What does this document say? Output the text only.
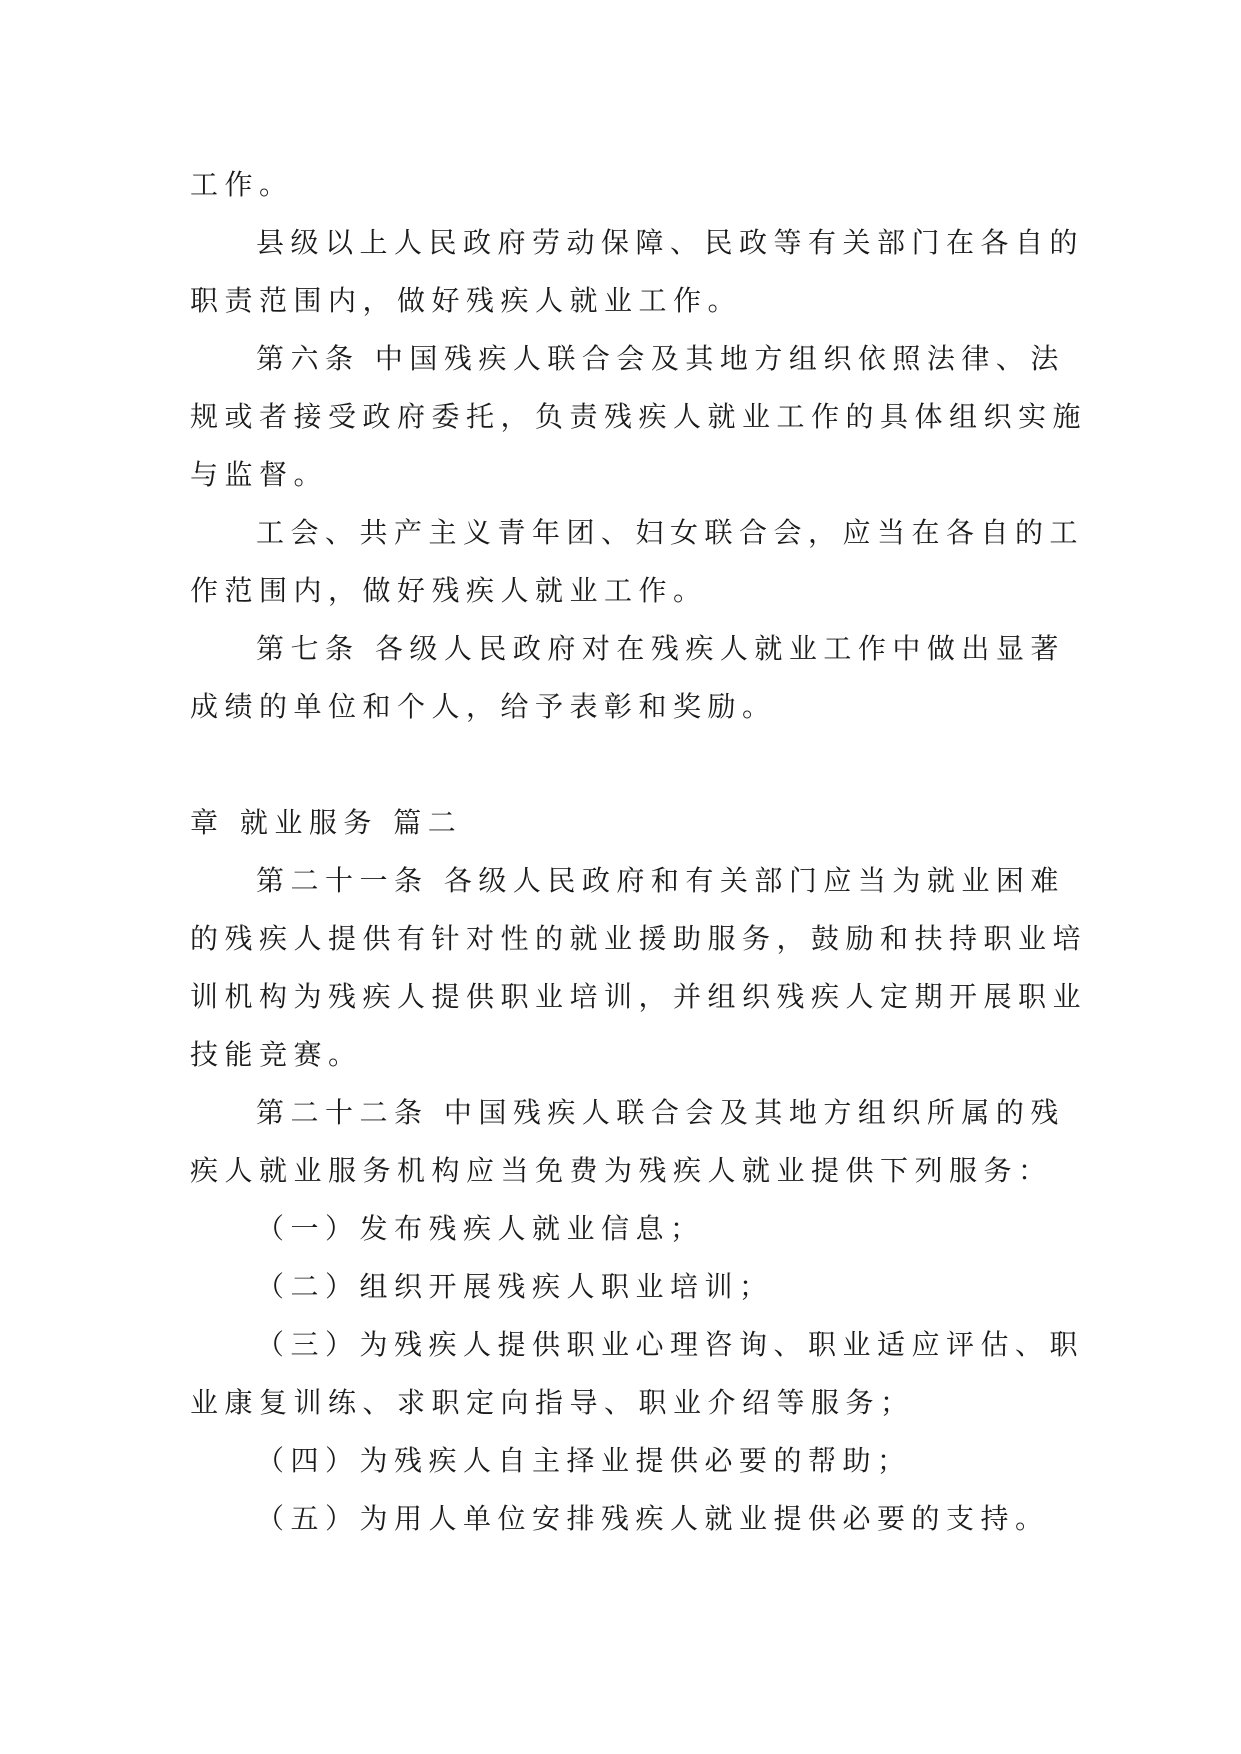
工作。

县级以上人民政府劳动保障、民政等有关部门在各自的
职责范围内，做好残疾人就业工作。

第六条 中国残疾人联合会及其地方组织依照法律、法
规或者接受政府委托，负责残疾人就业工作的具体组织实施
与监督。

工会、共产主义青年团、妇女联合会，应当在各自的工
作范围内，做好残疾人就业工作。

第七条 各级人民政府对在残疾人就业工作中做出显著
成绩的单位和个人，给予表彰和奖励。

章 就业服务 篇二

第二十一条 各级人民政府和有关部门应当为就业困难
的残疾人提供有针对性的就业援助服务，鼓励和扶持职业培
训机构为残疾人提供职业培训，并组织残疾人定期开展职业
技能竞赛。

第二十二条 中国残疾人联合会及其地方组织所属的残
疾人就业服务机构应当免费为残疾人就业提供下列服务：

（一）发布残疾人就业信息；

（二）组织开展残疾人职业培训；

（三）为残疾人提供职业心理咨询、职业适应评估、职
业康复训练、求职定向指导、职业介绍等服务；

（四）为残疾人自主择业提供必要的帮助；

（五）为用人单位安排残疾人就业提供必要的支持。
